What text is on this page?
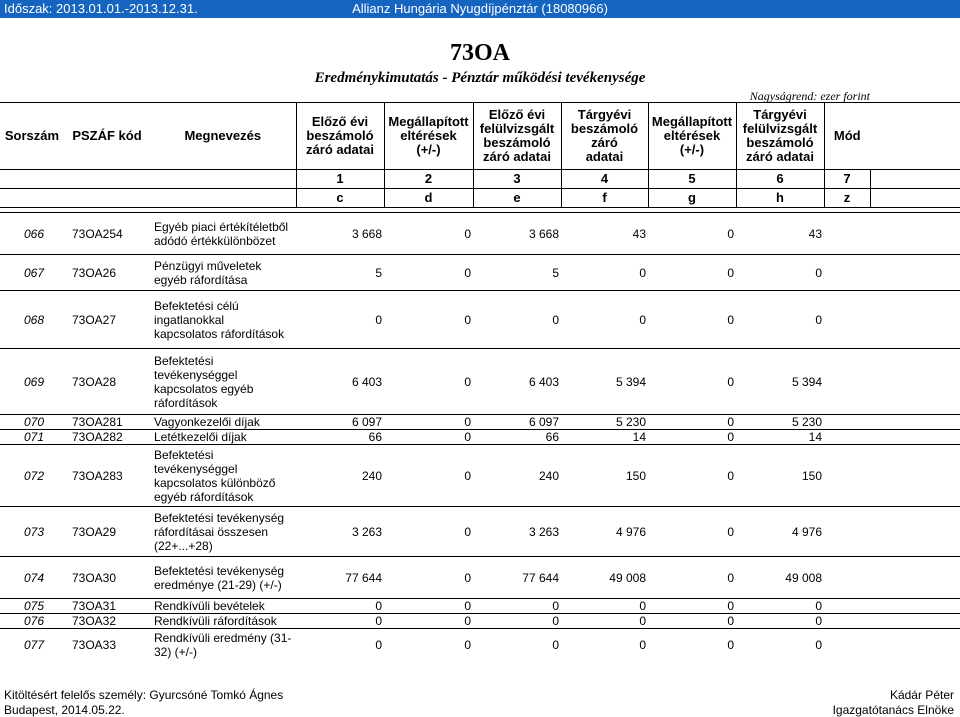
Időszak: 2013.01.01.-2013.12.31.	Allianz Hungária Nyugdíjpénztár (18080966)
73OA
Eredménykimutatás - Pénztár működési tevékenysége
Nagyságrend: ezer forint
Sorszám	PSZÁF kód	Megnevezés	Előző évi
beszámoló
záró adatai	Megállapított
eltérések (+/-)	Előző évi
felülvizsgált
beszámoló
záró adatai	Tárgyévi
beszámoló záró
adatai	Megállapított
eltérések (+/-)	Tárgyévi
felülvizsgált
beszámoló
záró adatai	Mód	
			1	2	3	4	5	6	7	
			c	d	e	f	g	h	z	

066	73OA254	Egyéb piaci értékítéletből
adódó értékkülönbözet	3 668	0	3 668	43	0	43		
067	73OA26	Pénzügyi műveletek
egyéb ráfordítása	5	0	5	0	0	0		
068	73OA27	Befektetési célú
ingatlanokkal
kapcsolatos ráfordítások	0	0	0	0	0	0		
069	73OA28	Befektetési
tevékenységgel
kapcsolatos egyéb
ráfordítások	6 403	0	6 403	5 394	0	5 394		
070	73OA281	Vagyonkezelői díjak	6 097	0	6 097	5 230	0	5 230		
071	73OA282	Letétkezelői díjak	66	0	66	14	0	14		
072	73OA283	Befektetési
tevékenységgel
kapcsolatos különböző
egyéb ráfordítások	240	0	240	150	0	150		
073	73OA29	Befektetési tevékenység
ráfordításai összesen
(22+...+28)	3 263	0	3 263	4 976	0	4 976		
074	73OA30	Befektetési tevékenység
eredménye (21-29) (+/-)	77 644	0	77 644	49 008	0	49 008		
075	73OA31	Rendkívüli bevételek	0	0	0	0	0	0		
076	73OA32	Rendkívüli ráfordítások	0	0	0	0	0	0		
077	73OA33	Rendkívüli eredmény (31-
32) (+/-)	0	0	0	0	0	0		
Kitöltésért felelős személy: Gyurcsóné Tomkó Ágnes
Budapest, 2014.05.22.
Kádár Péter
Igazgatótanács Elnöke
